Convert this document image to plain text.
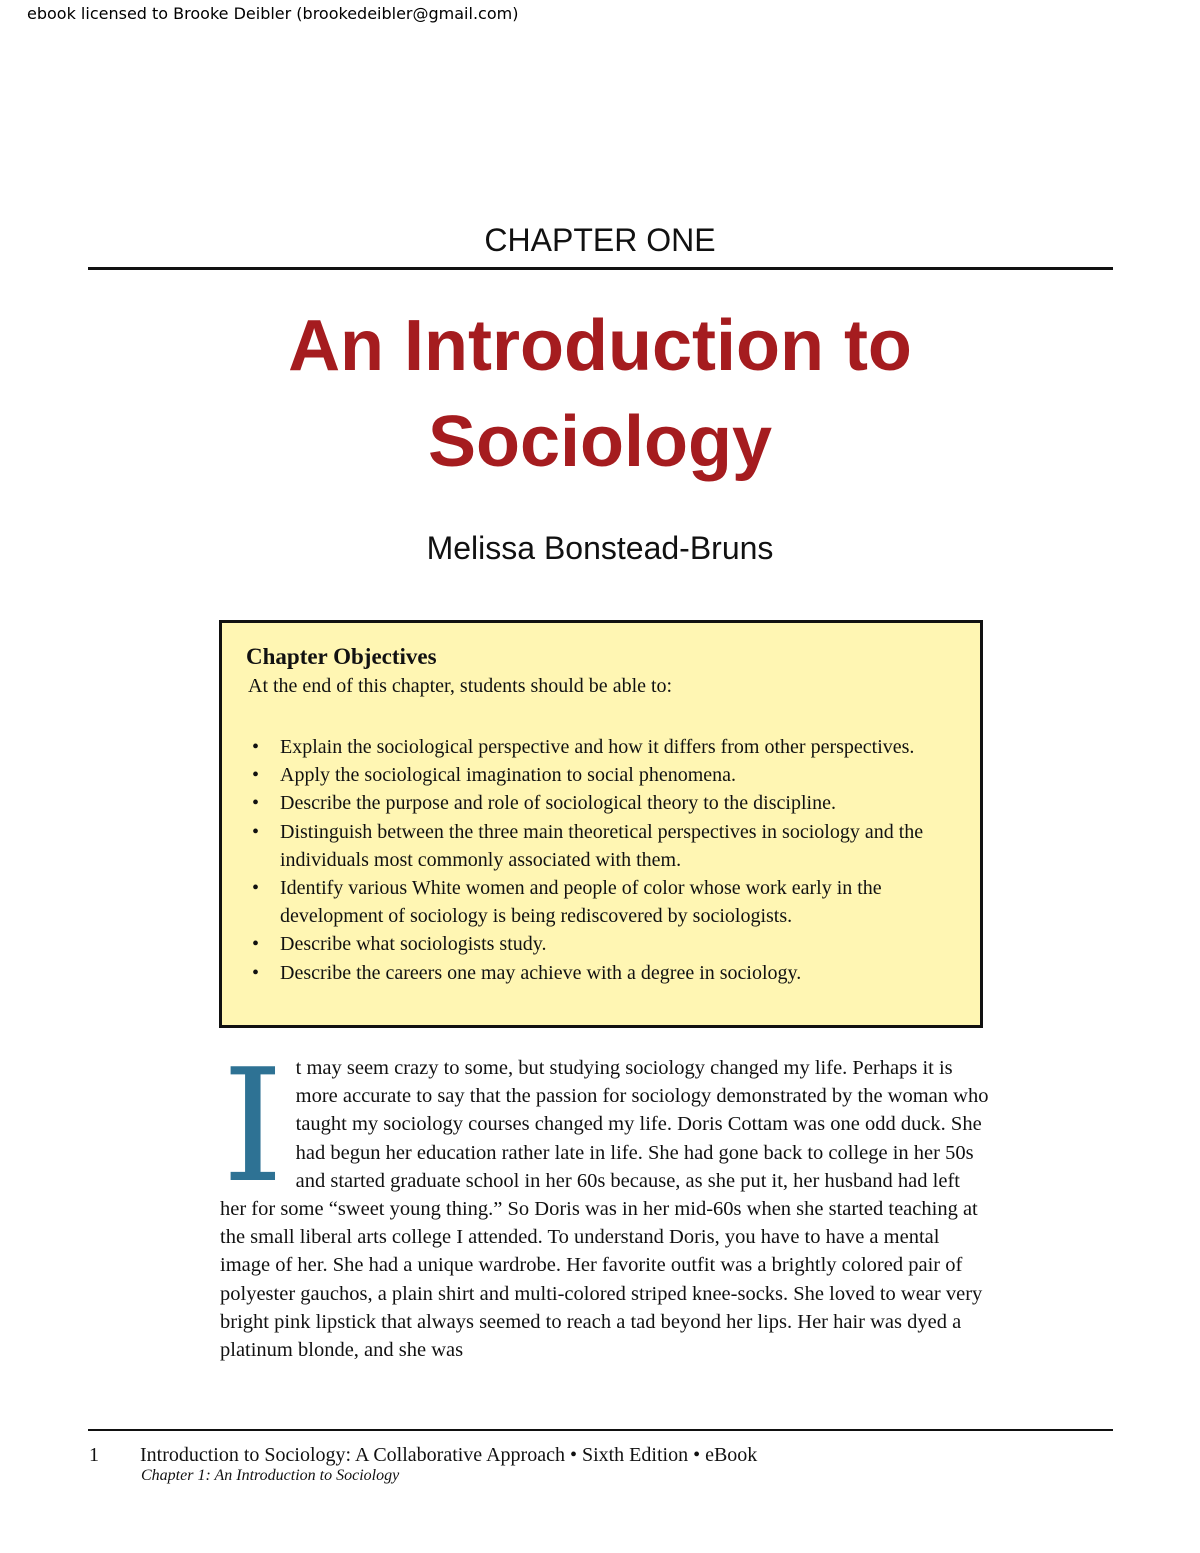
ebook licensed to Brooke Deibler (brookedeibler@gmail.com)
CHAPTER ONE
An Introduction to
Sociology
Melissa Bonstead-Bruns
Chapter Objectives
At the end of this chapter, students should be able to:
• Explain the sociological perspective and how it differs from other perspectives.
• Apply the sociological imagination to social phenomena.
• Describe the purpose and role of sociological theory to the discipline.
• Distinguish between the three main theoretical perspectives in sociology and the individuals most commonly associated with them.
• Identify various White women and people of color whose work early in the development of sociology is being rediscovered by sociologists.
• Describe what sociologists study.
• Describe the careers one may achieve with a degree in sociology.
I t may seem crazy to some, but studying sociology changed my life. Perhaps it is more accurate to say that the passion for sociology demonstrated by the woman who taught my sociology courses changed my life. Doris Cottam was one odd duck. She had begun her education rather late in life. She had gone back to college in her 50s and started graduate school in her 60s because, as she put it, her husband had left her for some “sweet young thing.” So Doris was in her mid-60s when she started teaching at the small liberal arts college I attended. To understand Doris, you have to have a mental image of her. She had a unique wardrobe. Her favorite outfit was a brightly colored pair of polyester gauchos, a plain shirt and multi-colored striped knee-socks. She loved to wear very bright pink lipstick that always seemed to reach a tad beyond her lips. Her hair was dyed a platinum blonde, and she was
1 Introduction to Sociology: A Collaborative Approach • Sixth Edition • eBook
Chapter 1: An Introduction to Sociology
